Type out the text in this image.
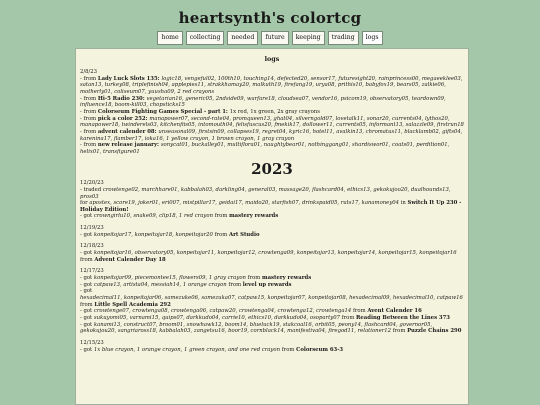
heartsynth's colortcg
home	collecting	needed	future	keeping	trading	logs
logs
2/8/23
- from Lady Luck Slots 135: logic18, vengeful02, 100th10, touching14, defected20, sensor17, futuresight20, rainprincess00, megaeeklee03, satan13, turkey08, triplefinish04, applepies11, strakkhamay20, malkuth19, firefang19, urya08, prithis10, babyfox19, bears05, zalkie06, motherly01, coliseum07, yuusha09, 2 red crayons
- from Hi-5 Radio 230: vegetarian16, generic05, 2ndside09, warfare18, cloudsea07, vendor16, psicom19, observatory05, teardown09, influence18, boom-kill03, chopsticks15
- from Colorseum Fighting Games Special - part 1: 1x red, 1x green, 2x gray crayons
- from pick a color 252: manapower07, second-rate04, promqueen13, ghat04, silverngold07, lovetalk11, sonar20, currents04, lythos20, manapower18, twinderels03, kitchenfiis05, intomouth04, felisfuscus20, fmekik17, dollower11, currents05, informant13, salazzle09, firstrun18
- from advent calender 08: unseasonal09, firstsin09, collapses19, regret04, kyric16, hotel11, avalkin13, chromatus11, blacklamb02, gifts04, karenina17, flamber17, ioka16, 1 yellow crayon, 1 brown crayon, 1 gray crayon
- from new release january: sonycat01, buckalley01, multiflora01, naughtybear01, nothinggang01, shardiswor01, coats01, perdition01, helix01, transfigure01
2023
12/20/23
- traded crowtenge02, marchhare01, kabbalah03, darkling04, general03, massage20, flashcard04, ethics13, gekokujoo20, dualhounds13, pros03
for apostex, score19, joker01, eri007, mistpillar17, geidai17, maido20, starfish07, drinkspaid05, ruts17, kanamoney04 in Switch It Up 230 - Holiday Edition!
- got crowngirlu10, snake09, clip18, 1 red crayon from mastery rewards
12/19/23
- got konpeitojar17, konpeitojar18, konpeitojar20 from Art Studio
12/18/23
- got konpeitojar16, observatory05, konpeitojar11, konpeitojar12, crowtenga09, konpeitojar13, konpeitojar14, konpeitojar15, konpeitojar16 from Advent Calender Day 18
12/17/23
- got konpeitojar09, piecemontee15, flowers09, 1 gray crayon from mastery rewards
- got catpaw13, artista04, messiah14, 1 orange crayon from level up rewards
- got
hexadecimal11, konpeitojar06, samezuke06, samezuka07, catpaw15, konpeitojar07, konpeitojar08, hexadecimal09, hexadecimal10, catpaw16 from Little Spell Academia 292
- got crowtenge07, crowtenga08, crowtenga06, catpaw20, crowtenga04, crowtenga12, crowtenga14 from Avent Calender 16
- got sukuyomi05, varnami15, quips07, darkkudo04, carrie10, ethics10, darkkudo04, osoparty07 from Reading Between the Lines 373
- got kanami13, construct07, broom01, snowhawk12, boom14, blueluck19, stakcoal16, orbit05, peony14, flashcard04, governor05, gekokujou20, sangriaross18, kabbalah03, zangetsu16, boor19, cornblack14, manifestiva04, firegod11, relationer12 from Puzzle Chains 290
12/15/23
- got 1x blue crayon, 1 orange crayon, 1 green crayon, and one red crayon from Colorseum 63-3
